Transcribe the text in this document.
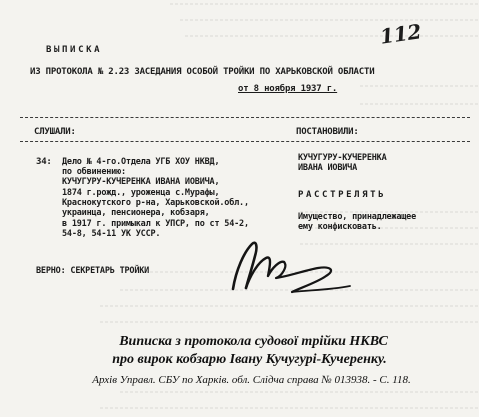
112
ВЫПИСКА
ИЗ ПРОТОКОЛА № 2.23 ЗАСЕДАНИЯ ОСОБОЙ ТРОЙКИ ПО ХАРЬКОВСКОЙ ОБЛАСТИ
от 8 ноября 1937 г.
СЛУШАЛИ:	ПОСТАНОВИЛИ:
34: Дело № 4-го.Отдела УГБ ХОУ НКВД,
по обвинению:
КУЧУГУРУ-КУЧЕРЕНКА ИВАНА ИОВИЧА,
1874 г.рожд., уроженца с.Мурафы,
Краснокутского р-на, Харьковской.обл.,
украинца, пенсионера, кобзаря,
в 1917 г. примыкал к УПСР, по ст 54-2,
54-8, 54-11 УК УССР.
КУЧУГУРУ-КУЧЕРЕНКА
ИВАНА ИОВИЧА
РАССТРЕЛЯТЬ
Имущество, принадлежащее
ему конфисковать.
ВЕРНО: СЕКРЕТАРЬ ТРОЙКИ
Виписка з протокола судової трійки НКВС
про вирок кобзарю Івану Кучугурі-Кучеренку.
Архів Управл. СБУ по Харків. обл. Слідча справа № 013938. - С. 118.
